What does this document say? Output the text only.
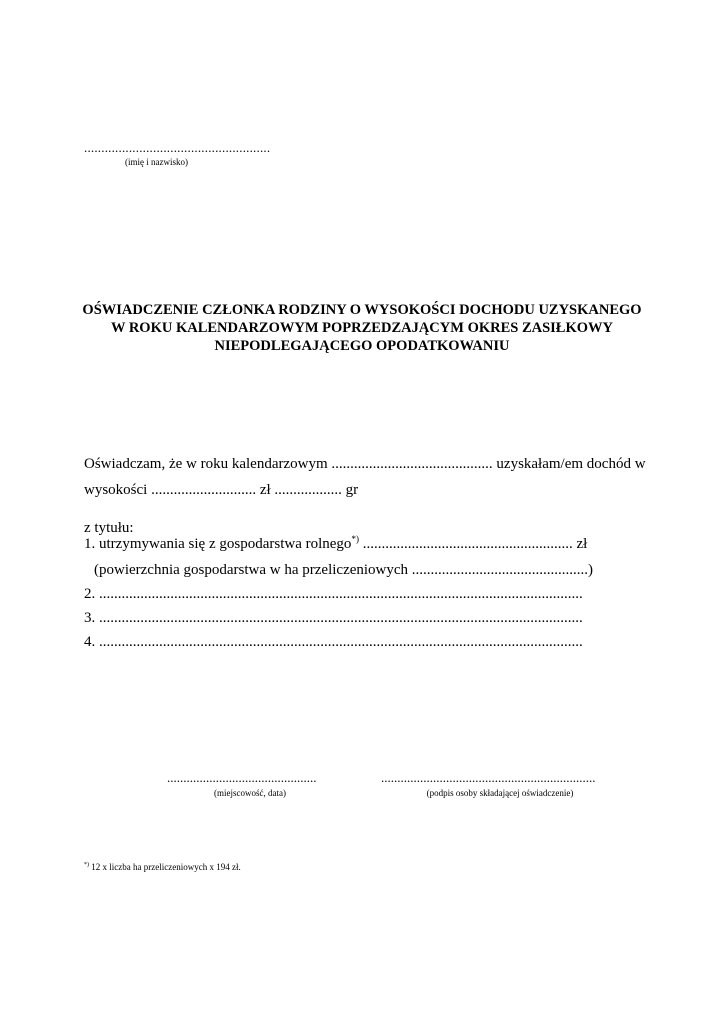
......................................................
(imię i nazwisko)
OŚWIADCZENIE CZŁONKA RODZINY O WYSOKOŚCI DOCHODU UZYSKANEGO
W ROKU KALENDARZOWYM POPRZEDZAJĄCYM OKRES ZASIŁKOWY
NIEPODLEGAJĄCEGO OPODATKOWANIU
Oświadczam, że w roku kalendarzowym ........................................... uzyskałam/em dochód w
wysokości ............................ zł .................. gr
z tytułu:
1. utrzymywania się z gospodarstwa rolnego*) ........................................................ zł
(powierzchnia gospodarstwa w ha przeliczeniowych ...............................................)
2. .................................................................................................................................
3. .................................................................................................................................
4. .................................................................................................................................
..............................................	..................................................................
(miejscowość, data)	(podpis osoby składającej oświadczenie)
*) 12 x liczba ha przeliczeniowych x 194 zł.
